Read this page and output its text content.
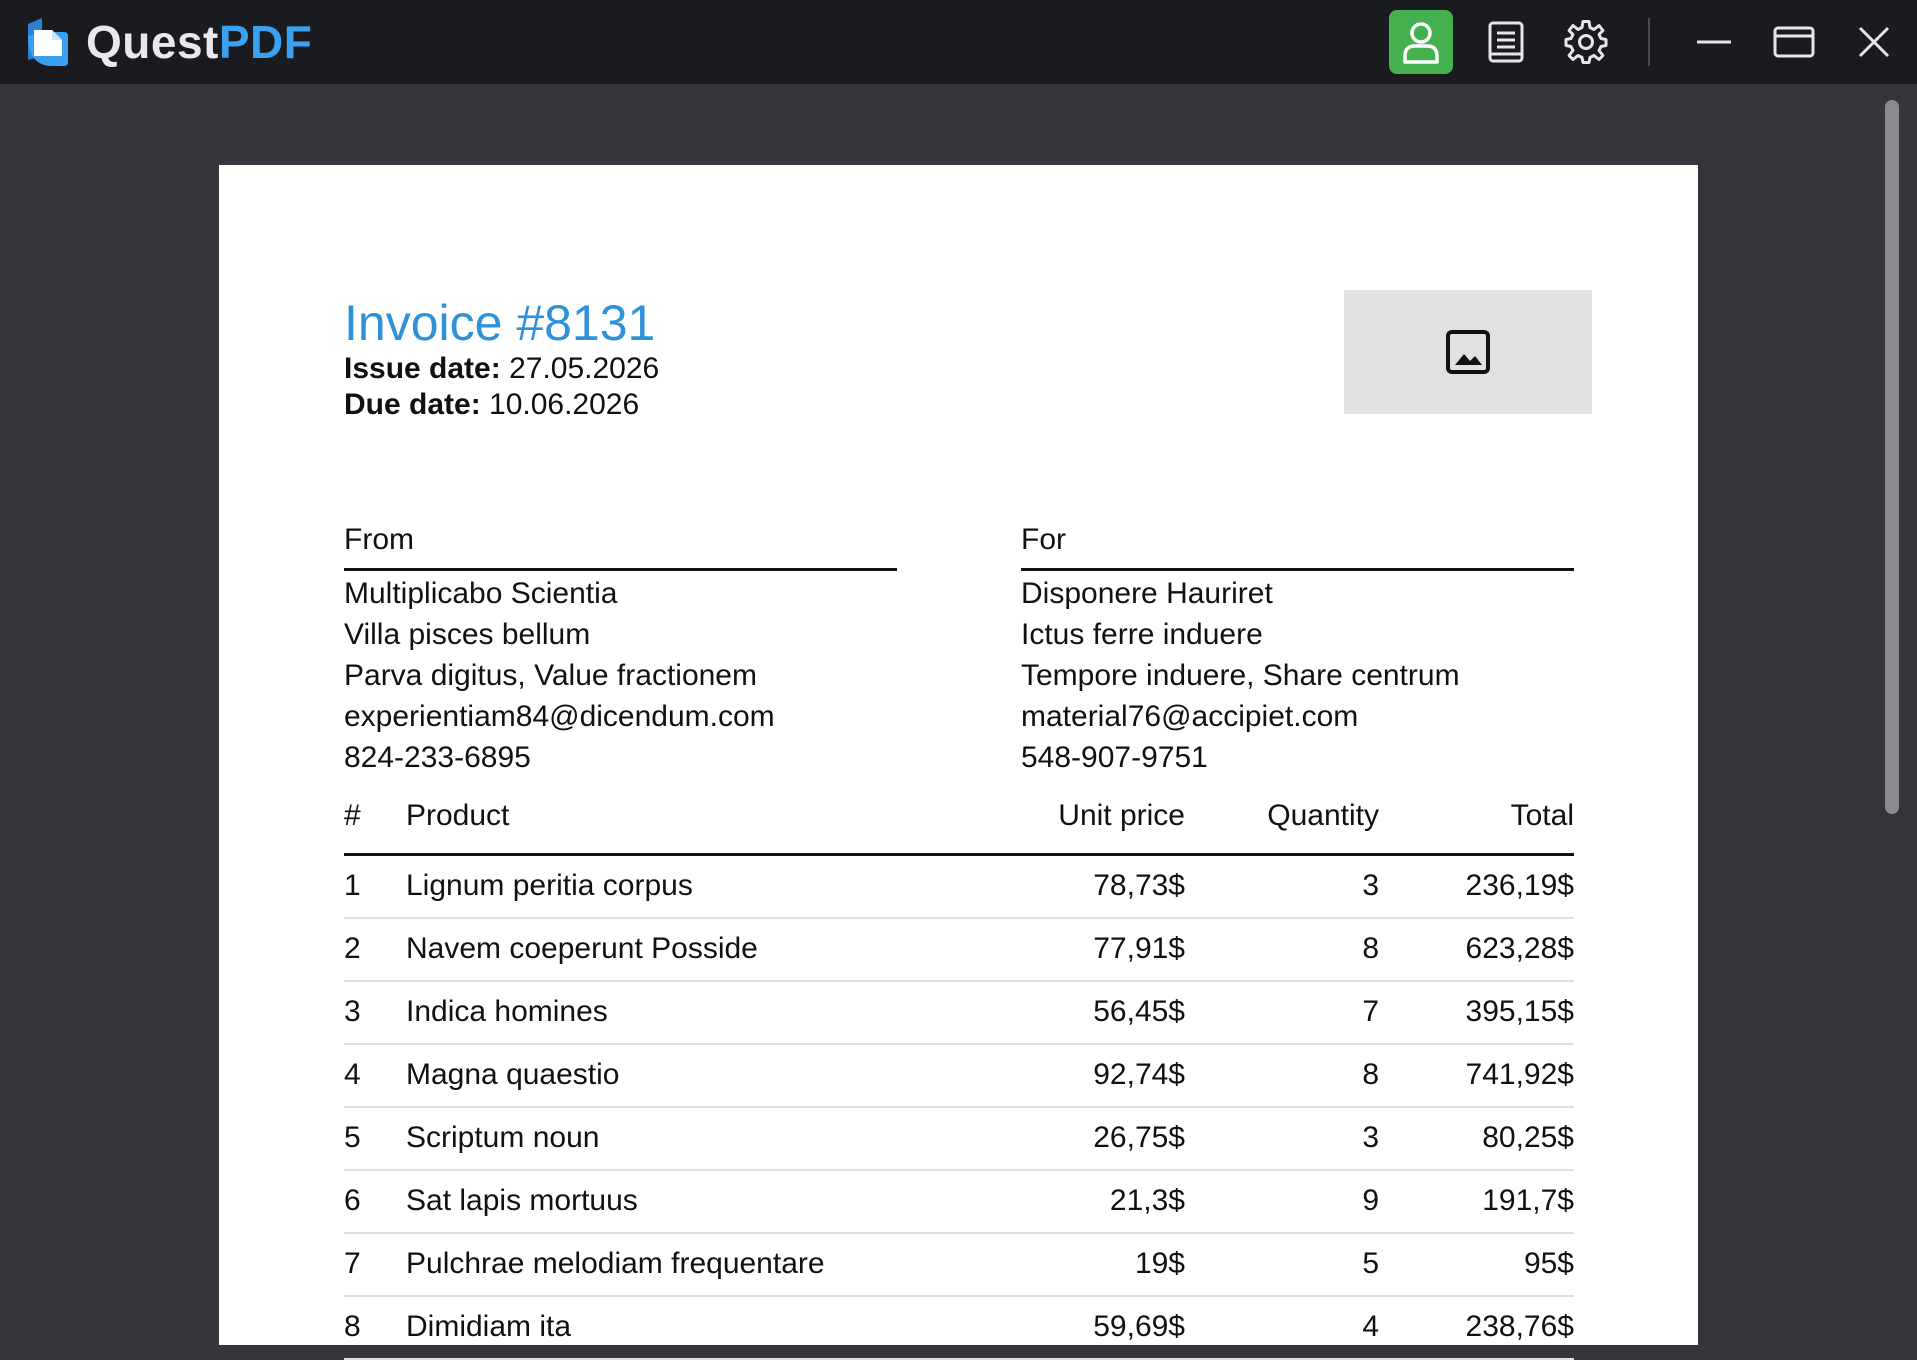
QuestPDF
Invoice #8131
Issue date: 27.05.2026
Due date: 10.06.2026
From
Multiplicabo Scientia
Villa pisces bellum
Parva digitus, Value fractionem
experientiam84@dicendum.com
824-233-6895
For
Disponere Hauriret
Ictus ferre induere
Tempore induere, Share centrum
material76@accipiet.com
548-907-9751
# Product	Unit price	Quantity	Total
1 Lignum peritia corpus	78,73$	3	236,19$
2 Navem coeperunt Posside	77,91$	8	623,28$
3 Indica homines	56,45$	7	395,15$
4 Magna quaestio	92,74$	8	741,92$
5 Scriptum noun	26,75$	3	80,25$
6 Sat lapis mortuus	21,3$	9	191,7$
7 Pulchrae melodiam frequentare	19$	5	95$
8 Dimidiam ita	59,69$	4	238,76$
